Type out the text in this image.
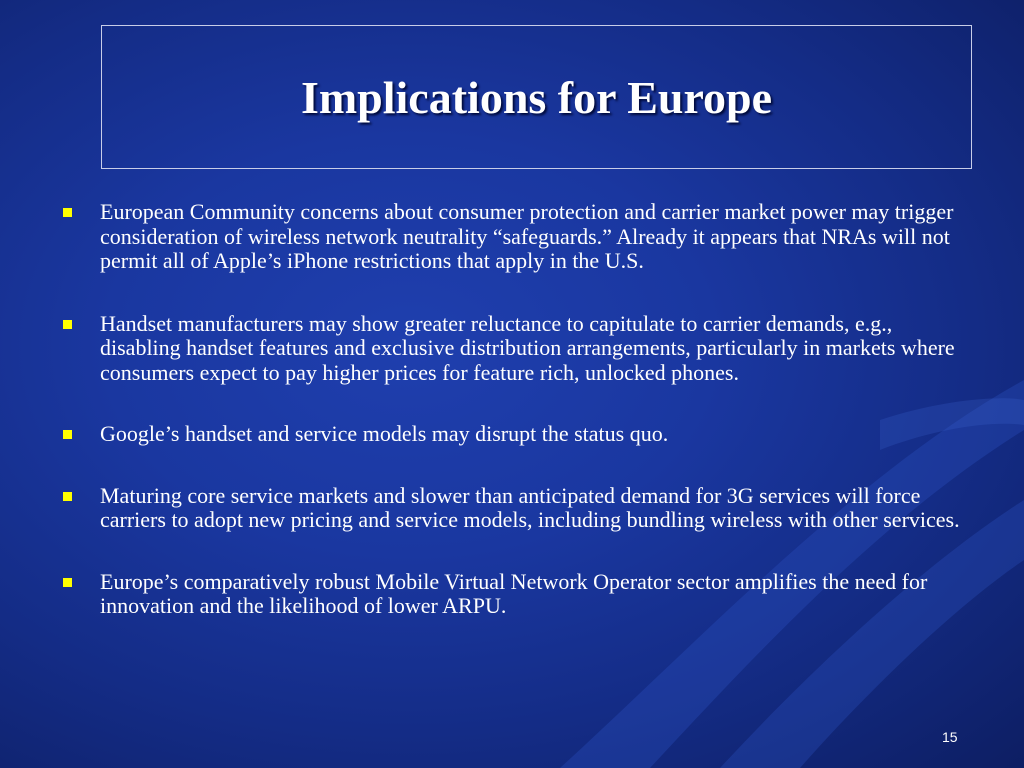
Implications for Europe
European Community concerns about consumer protection and carrier market power may trigger consideration of wireless network neutrality “safeguards.” Already it appears that NRAs will not permit all of Apple’s iPhone restrictions that apply in the U.S.
Handset manufacturers may show greater reluctance to capitulate to carrier demands, e.g., disabling handset features and exclusive distribution arrangements, particularly in markets where consumers expect to pay higher prices for feature rich, unlocked phones.
Google’s handset and service models may disrupt the status quo.
Maturing core service markets and slower than anticipated demand for 3G services will force carriers to adopt new pricing and service models, including bundling wireless with other services.
Europe’s comparatively robust Mobile Virtual Network Operator sector amplifies the need for innovation and the likelihood of lower ARPU.
15
